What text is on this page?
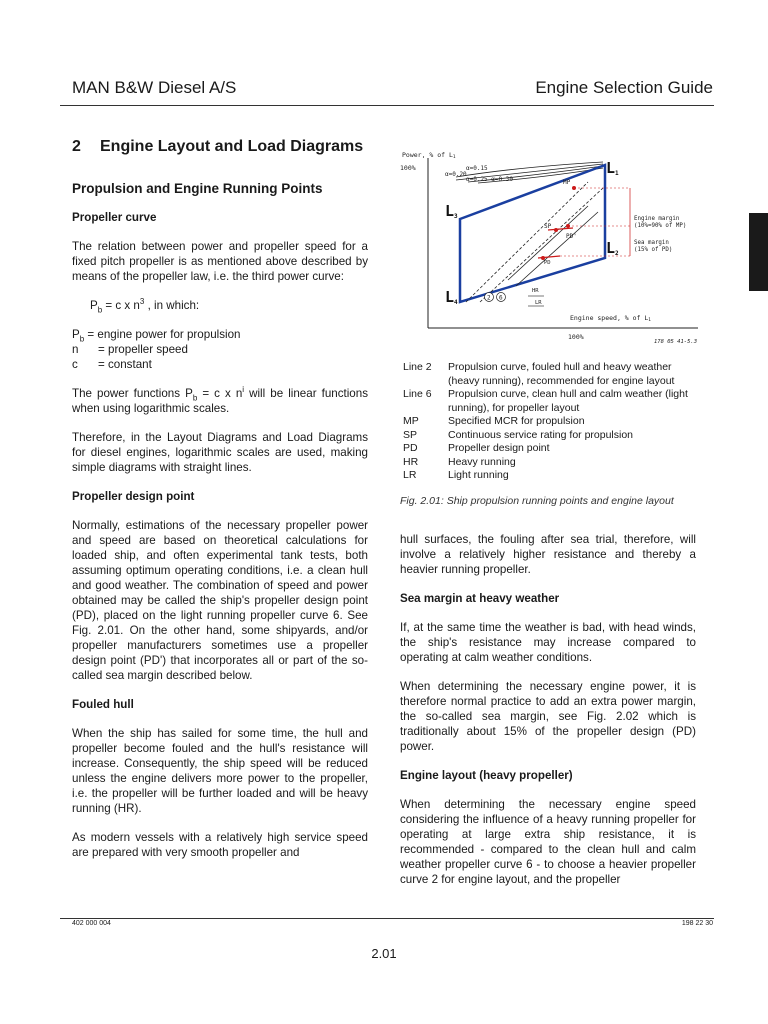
MAN B&W Diesel A/S	Engine Selection Guide
2 Engine Layout and Load Diagrams
Propulsion and Engine Running Points
Propeller curve

The relation between power and propeller speed for a fixed pitch propeller is as mentioned above described by means of the propeller law, i.e. the third power curve:

$P_b = c$ x $n^3$ , in which:

$P_b$ = engine power for propulsion
n	= propeller speed
c	= constant

The power functions $P_b = c$ x $n^i$ will be linear functions when using logarithmic scales.

Therefore, in the Layout Diagrams and Load Diagrams for diesel engines, logarithmic scales are used, making simple diagrams with straight lines.

Propeller design point

Normally, estimations of the necessary propeller power and speed are based on theoretical calculations for loaded ship, and often experimental tank tests, both assuming optimum operating conditions, i.e. a clean hull and good weather. The combination of speed and power obtained may be called the ship's propeller design point (PD), placed on the light running propeller curve 6. See Fig. 2.01. On the other hand, some shipyards, and/or propeller manufacturers sometimes use a propeller design point (PD') that incorporates all or part of the so-called sea margin described below.

Fouled hull

When the ship has sailed for some time, the hull and propeller become fouled and the hull's resistance will increase. Consequently, the ship speed will be reduced unless the engine delivers more power to the propeller, i.e. the propeller will be further loaded and will be heavy running (HR).

As modern vessels with a relatively high service speed are prepared with very smooth propeller and

100%
Power, % of L1
100%
Engine speed, % of L1
α=0.15
α=0.20
α=0.25 α=0.30	MP
SP
PD'
PD
HR
LR
2 6
L1
L3
L2
L4
Engine margin
(10%=90% of MP)
Sea margin
(15% of PD)
178 05 41-5.3
Line 2	Propulsion curve, fouled hull and heavy weather (heavy running), recommended for engine layout
Line 6	Propulsion curve, clean hull and calm weather (light running), for propeller layout
MP	Specified MCR for propulsion
SP	Continuous service rating for propulsion
PD	Propeller design point
HR	Heavy running
LR	Light running
Fig. 2.01: Ship propulsion running points and engine layout

hull surfaces, the fouling after sea trial, therefore, will involve a relatively higher resistance and thereby a heavier running propeller.

Sea margin at heavy weather

If, at the same time the weather is bad, with head winds, the ship's resistance may increase compared to operating at calm weather conditions.

When determining the necessary engine power, it is therefore normal practice to add an extra power margin, the so-called sea margin, see Fig. 2.02 which is traditionally about 15% of the propeller design (PD) power.

Engine layout (heavy propeller)

When determining the necessary engine speed considering the influence of a heavy running propeller for operating at large extra ship resistance, it is recommended - compared to the clean hull and calm weather propeller curve 6 - to choose a heavier propeller curve 2 for engine layout, and the propeller

402 000 004	198 22 30
2.01
